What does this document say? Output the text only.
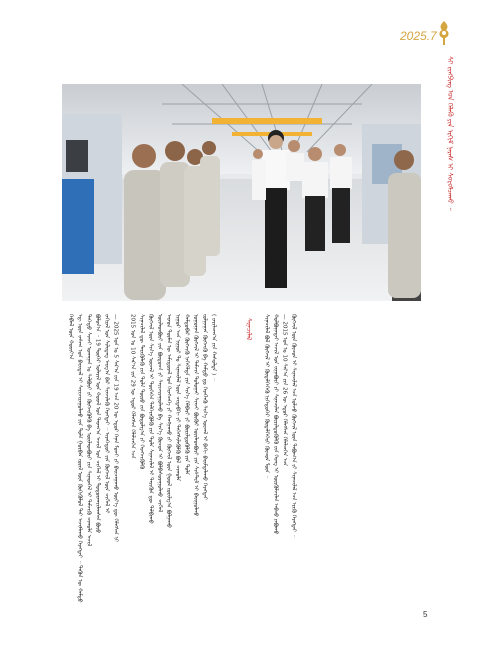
2025.7
ᠰᠢ ᠵᠢᠩᠫᠢᠩ ᠤᠨ ᠬᠡᠯᠡᠬᠦ ᠶᠢᠨ ᠡᠷᠬᠢᠮ ᠨᠡᠷᠡᠰ ᠢ ᠰᠤᠷᠤᠯᠴᠠᠬᠤ ᠃
ᠬᠡᠪᠯᠡᠯ ᠦᠨ ᠬᠣᠷᠢᠶ᠎ᠠ ᠡᠳ᠋ ᠦᠨ ᠵᠠᠰᠠᠭ ᠤᠨ ᠪᠠᠶᠢᠳᠠᠯ ᠢ ᠰᠠᠶᠢᠵᠢᠷᠠᠭᠤᠯᠬᠤ ᠶᠢᠨ ᠲᠤᠯᠠ ᠭᠤᠷᠪᠠᠨ ᠵᠦᠢᠯ ᠦᠨ ᠬᠥᠬᠢᠭᠦᠯᠦᠯ ᠲᠡᠢ ᠠᠵᠢᠯᠯᠠᠬᠤ ᠬᠡᠷᠡᠭᠲᠡᠢ ᠃ ᠲᠡᠭᠦᠨ ᠦ ᠬᠠᠮᠲᠤ ᠳᠡᠭᠡᠳᠦ ᠰᠢᠨᠵᠢ ᠤᠬᠠᠭᠠᠨ ᠤ ᠰᠠᠯᠪᠤᠷᠢ ᠶᠢ ᠬᠥᠭᠵᠢᠭᠦᠯᠬᠦ ᠪᠠ ᠦᠢᠯᠡᠳᠪᠦᠷᠢ ᠶᠢᠨ ᠰᠢᠨᠡᠳᠬᠡᠯ ᠢ ᠳᠡᠮᠵᠢᠬᠦ ᠴᠢᠬᠤᠯᠠ ᠠᠵᠢᠯ ᠪᠣᠯᠤᠨ᠎ᠠ ᠃ 19 ᠳᠦᠭᠡᠷ ᠤᠯᠠᠷᠢᠯ ᠤᠨ ᠬᠤᠷᠠᠯ ᠤᠨ ᠳᠠᠷᠠᠭ᠎ᠠ ᠠᠵᠢᠯ ᠤᠨ ᠴᠢᠭᠯᠡᠯ ᠢ ᠲᠣᠳᠤᠷᠬᠠᠶᠢᠯᠠᠭᠰᠠᠨ ᠪᠤᠶᠤ ᠵᠠᠬᠢᠷᠠᠯ ᠤᠨ ᠰᠢᠯᠢᠳᠡᠭ ᠠᠷᠭ᠎ᠠ ᠪᠠᠷ ᠰᠢᠨᠵᠢᠯᠡᠬᠦ ᠬᠡᠷᠡᠭᠲᠡᠢ ᠃ ᠢᠷᠡᠭᠡᠳᠦᠢ ᠶᠢᠨ ᠬᠥᠭᠵᠢᠯ ᠦᠨ ᠴᠢᠭᠯᠡᠯ ᠢ — 2025 ᠣᠨ ᠤ 5 ᠰᠠᠷ᠎ᠠ ᠶᠢᠨ 19 ᠡᠴᠡ 20 ᠦ ᠡᠳᠦᠷ ᠬᠡᠨᠠᠨ ᠮᠤᠵᠢ ᠶᠢ ᠪᠠᠢᠴᠠᠭᠠᠬᠤ ᠦᠶ᠎ᠡ ᠳᠦ ᠬᠡᠯᠡᠭᠰᠡᠨ ᠨᠢ	2015 ᠣᠨ ᠤ 10 ᠰᠠᠷ᠎ᠠ ᠶᠢᠨ 29 ᠦ ᠡᠳᠦᠷ ᠬᠡᠯᠡᠭᠰᠡᠨ ᠬᠡᠯᠡᠯᠴᠡᠭᠡᠨ ᠡᠴᠡ ᠰᠢᠨᠡᠴᠢᠯᠡᠯ ᠳᠦ ᠲᠡᠷᠢᠭᠦᠯᠡᠬᠦ ᠶᠢᠨ ᠲᠤᠯᠠ ᠲᠦᠷᠦ ᠶᠢᠨ ᠪᠣᠳᠣᠯᠭ᠎ᠠ ᠶᠢ ᠬᠡᠷᠡᠭᠵᠢᠭᠦᠯᠬᠦ ᠬᠥᠭᠵᠢᠯ ᠦᠨ ᠰᠢᠨ᠎ᠡ ᠦᠵᠡᠯ ᠢ ᠲᠦᠭᠡᠭᠡᠨ ᠳᠡᠯᠭᠡᠷᠡᠭᠦᠯᠬᠦ ᠶᠢᠨ ᠲᠤᠯᠠ ᠰᠢᠨᠡᠴᠢᠯᠡᠯ ᠢ ᠲᠡᠷᠢᠭᠦᠨ ᠳᠦ ᠲᠠᠯᠪᠢᠬᠤ ᠦᠢᠯᠡᠳᠪᠦᠷᠢ ᠶᠢᠨ ᠪᠦᠲᠦᠴᠡ ᠶᠢ ᠰᠠᠶᠢᠵᠢᠷᠠᠭᠤᠯᠬᠤ ᠪᠠ ᠰᠢᠨ᠎ᠡ ᠬᠦᠴᠦᠨ ᠢ ᠪᠣᠯᠪᠠᠰᠤᠷᠠᠭᠤᠯᠬᠤ ᠴᠢᠭᠯᠡᠯ ᠠᠷᠠᠳ ᠲᠦᠮᠡᠨ ᠦ ᠠᠮᠢᠳᠤᠷᠠᠯ ᠤᠨ ᠬᠡᠷᠡᠭᠴᠡᠭᠡ ᠶᠢ ᠬᠠᠩᠭᠠᠬᠤ ᠶᠢ ᠬᠥᠭᠵᠢᠯ ᠦᠨ ᠭᠣᠣᠯ ᠵᠣᠷᠢᠯᠭ᠎ᠠ ᠪᠣᠯᠭᠠᠬᠤ ᠨᠢᠭᠤᠷ ᠡᠴᠡ ᠨᠢᠭᠤᠷ ᠲᠤ ᠰᠢᠨᠡᠴᠢᠯᠡᠯ ᠦᠨ ᠴᠢᠳᠠᠪᠬᠢ ᠶᠢ ᠳᠡᠭᠡᠭᠰᠢᠯᠡᠭᠦᠯᠬᠦ ᠪᠣᠯ ᠴᠢᠬᠤᠯᠠ ᠬᠠᠮᠲᠤᠪᠠᠷ ᠬᠥᠭᠵᠢᠬᠦ ᠨᠡᠭᠡᠭᠡᠯᠲᠡ ᠶᠢᠨ ᠰᠢᠨ᠎ᠡ ᠬᠡᠯᠪᠡᠷᠢ ᠶᠢ ᠪᠦᠷᠢᠯᠳᠦᠭᠦᠯᠬᠦ ᠶᠢᠨ ᠲᠤᠯᠠ ᠨᠣᠭᠣᠭᠠᠨ ᠬᠥᠭᠵᠢᠯ ᠢ ᠳᠡᠮᠵᠢᠨ ᠲᠤᠯᠤᠭᠠᠢ ᠰᠢᠨᠵᠢ ᠪᠦᠬᠦᠢ ᠦᠢᠯᠡᠳᠪᠦᠷᠢ ᠶᠢᠨ ᠰᠢᠰᠲ᠋ᠧᠮ ᠢ ᠪᠠᠶᠢᠭᠤᠯᠬᠤ ᠵᠤᠯᠭᠠᠭᠠᠨ ᠬᠥᠭᠵᠢᠬᠦ ᠪᠠ ᠬᠠᠮᠲᠤ ᠳᠤ ᠬᠡᠷᠡᠭᠯᠡᠬᠦ ᠰᠢᠨ᠎ᠡ ᠦᠵᠡᠯ ᠢ ᠪᠡᠬᠢ ᠪᠠᠷᠢᠮᠲᠠᠯᠠᠬᠤ ᠬᠡᠷᠡᠭᠲᠡᠢ ( ᠶᠠᠷᠢᠯᠴᠠᠭ᠎ᠠ ᠶᠢᠨ ᠬᠠᠰᠤᠯᠳᠠ ) ᠃	ᠰᠢᠨᠡᠴᠢᠯᠡᠯ	ᠰᠢᠨᠡᠴᠢᠯᠡᠯ ᠪᠣᠯ ᠬᠥᠭᠵᠢᠯ ᠢ ᠬᠥᠳᠡᠯᠭᠡᠭᠡᠬᠦ ᠨᠢᠭᠡᠳᠦᠭᠡᠷ ᠬᠥᠳᠡᠯᠭᠡᠭᠡᠷᠢ ᠬᠦᠴᠦᠨ ᠮᠥᠨ ᠃ ᠬᠣᠯᠪᠣᠭᠠᠲᠠᠢ ᠠᠵᠢᠯ ᠤᠨ ᠵᠢᠭᠠᠪᠤᠷᠢ ᠶᠢ ᠰᠢᠨᠡᠴᠢᠯᠡᠨ ᠪᠦᠷᠢᠯᠳᠦᠭᠦᠯᠬᠦ ᠶᠢᠨ ᠬᠡᠷᠡᠭ ᠢ ᠦᠷᠬᠦᠯᠵᠢᠯᠡᠨ ᠠᠪᠴᠤ ᠶᠠᠪᠤᠬᠤ — 2015 ᠣᠨ ᠤ 10 ᠰᠠᠷ᠎ᠠ ᠶᠢᠨ 26 ᠦ ᠡᠳᠦᠷ ᠬᠡᠯᠡᠭᠰᠡᠨ ᠬᠡᠯᠡᠯᠴᠡᠭᠡᠨ ᠡᠴᠡ ᠬᠥᠭᠵᠢᠯ ᠦᠨ ᠬᠦᠴᠦᠨ ᠢ ᠰᠢᠨᠡᠴᠢᠯᠡᠯ ᠡᠴᠡ ᠣᠯᠵᠤ ᠬᠥᠭᠵᠢᠯ ᠦᠨ ᠳᠠᠪᠤᠭ᠎ᠠ ᠶᠢ ᠰᠢᠨᠡᠴᠢᠯᠡᠯ ᠡᠴᠡ ᠡᠷᠢᠬᠦ ᠬᠡᠷᠡᠭᠲᠡᠢ ᠃
5
